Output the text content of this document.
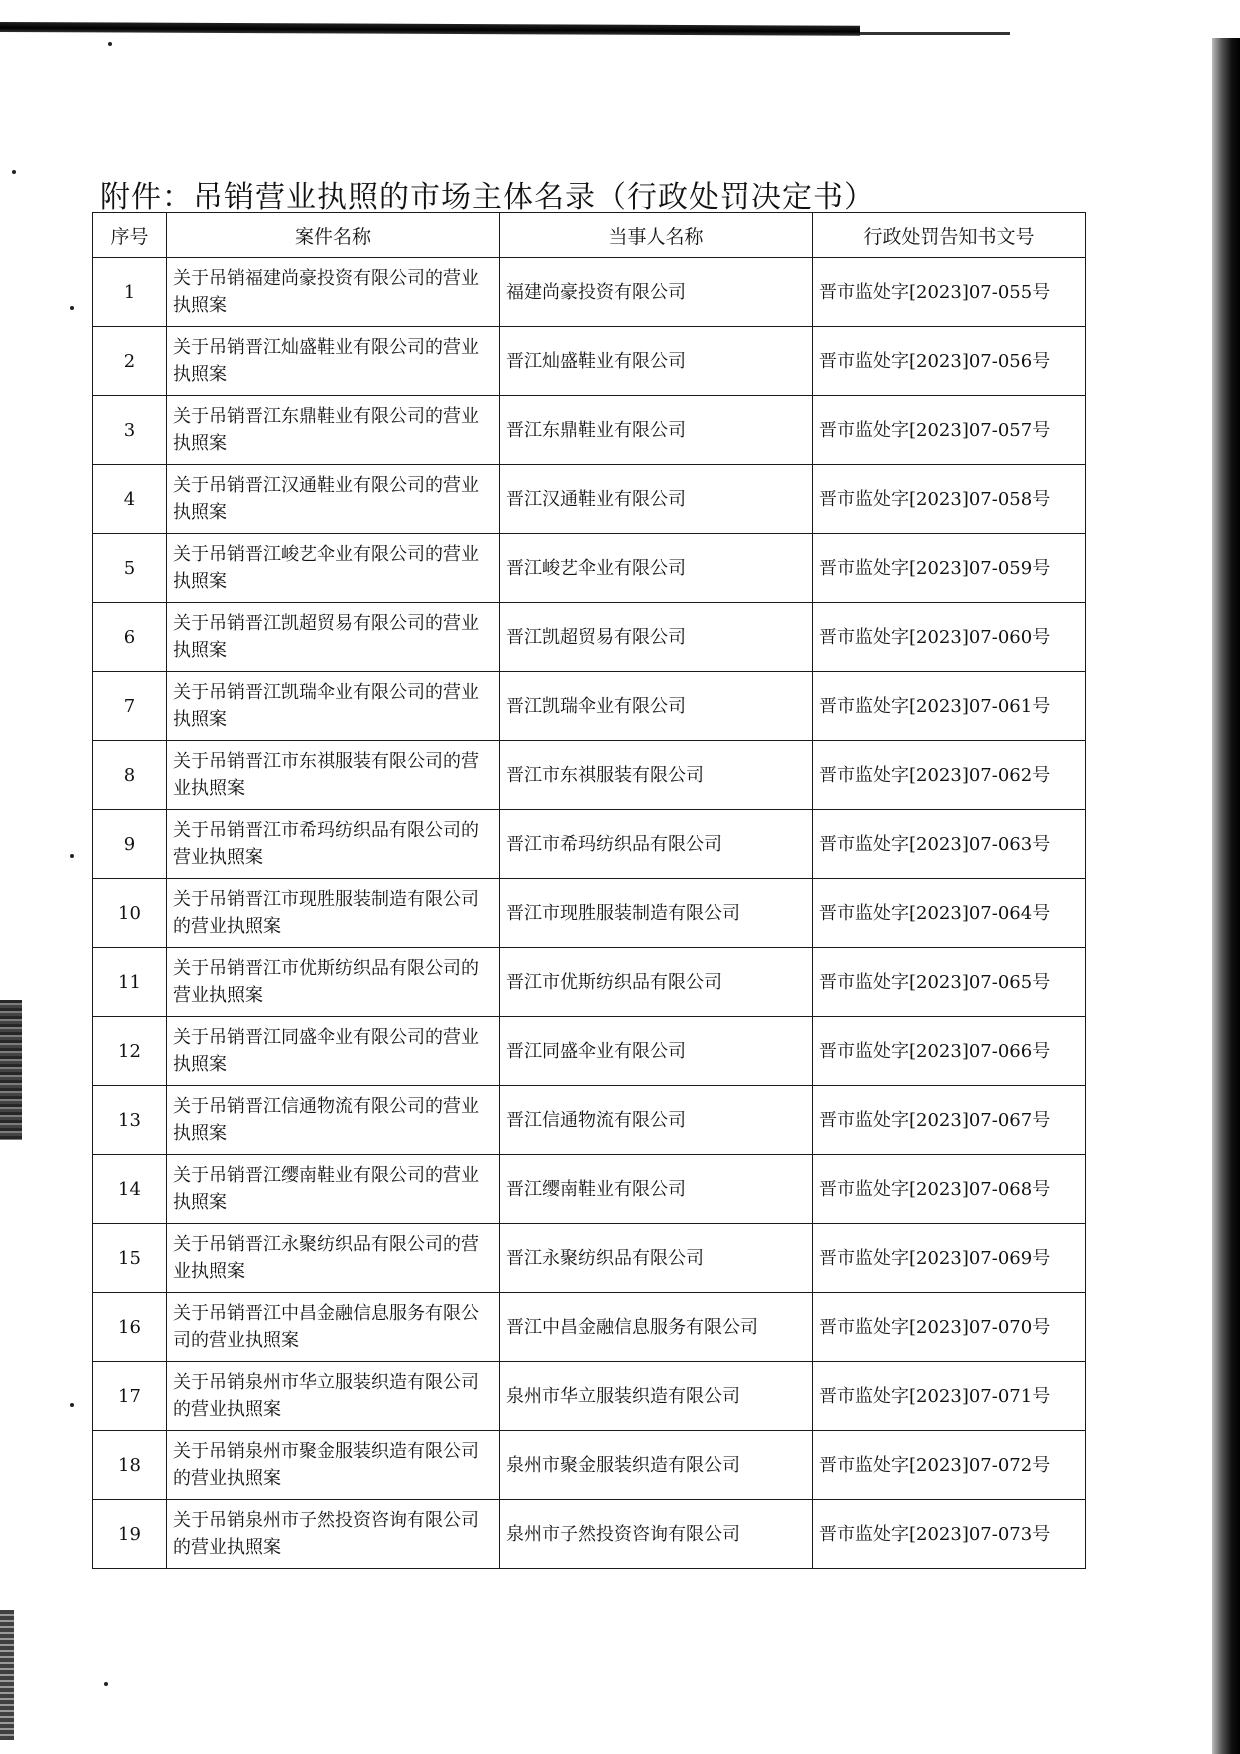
附件：吊销营业执照的市场主体名录（行政处罚决定书）
序号	案件名称	当事人名称	行政处罚告知书文号
1	关于吊销福建尚豪投资有限公司的营业执照案	福建尚豪投资有限公司	晋市监处字[2023]07-055号
2	关于吊销晋江灿盛鞋业有限公司的营业执照案	晋江灿盛鞋业有限公司	晋市监处字[2023]07-056号
3	关于吊销晋江东鼎鞋业有限公司的营业执照案	晋江东鼎鞋业有限公司	晋市监处字[2023]07-057号
4	关于吊销晋江汉通鞋业有限公司的营业执照案	晋江汉通鞋业有限公司	晋市监处字[2023]07-058号
5	关于吊销晋江峻艺伞业有限公司的营业执照案	晋江峻艺伞业有限公司	晋市监处字[2023]07-059号
6	关于吊销晋江凯超贸易有限公司的营业执照案	晋江凯超贸易有限公司	晋市监处字[2023]07-060号
7	关于吊销晋江凯瑞伞业有限公司的营业执照案	晋江凯瑞伞业有限公司	晋市监处字[2023]07-061号
8	关于吊销晋江市东祺服装有限公司的营业执照案	晋江市东祺服装有限公司	晋市监处字[2023]07-062号
9	关于吊销晋江市希玛纺织品有限公司的营业执照案	晋江市希玛纺织品有限公司	晋市监处字[2023]07-063号
10	关于吊销晋江市现胜服装制造有限公司的营业执照案	晋江市现胜服装制造有限公司	晋市监处字[2023]07-064号
11	关于吊销晋江市优斯纺织品有限公司的营业执照案	晋江市优斯纺织品有限公司	晋市监处字[2023]07-065号
12	关于吊销晋江同盛伞业有限公司的营业执照案	晋江同盛伞业有限公司	晋市监处字[2023]07-066号
13	关于吊销晋江信通物流有限公司的营业执照案	晋江信通物流有限公司	晋市监处字[2023]07-067号
14	关于吊销晋江缨南鞋业有限公司的营业执照案	晋江缨南鞋业有限公司	晋市监处字[2023]07-068号
15	关于吊销晋江永聚纺织品有限公司的营业执照案	晋江永聚纺织品有限公司	晋市监处字[2023]07-069号
16	关于吊销晋江中昌金融信息服务有限公司的营业执照案	晋江中昌金融信息服务有限公司	晋市监处字[2023]07-070号
17	关于吊销泉州市华立服装织造有限公司的营业执照案	泉州市华立服装织造有限公司	晋市监处字[2023]07-071号
18	关于吊销泉州市聚金服装织造有限公司的营业执照案	泉州市聚金服装织造有限公司	晋市监处字[2023]07-072号
19	关于吊销泉州市子然投资咨询有限公司的营业执照案	泉州市子然投资咨询有限公司	晋市监处字[2023]07-073号
